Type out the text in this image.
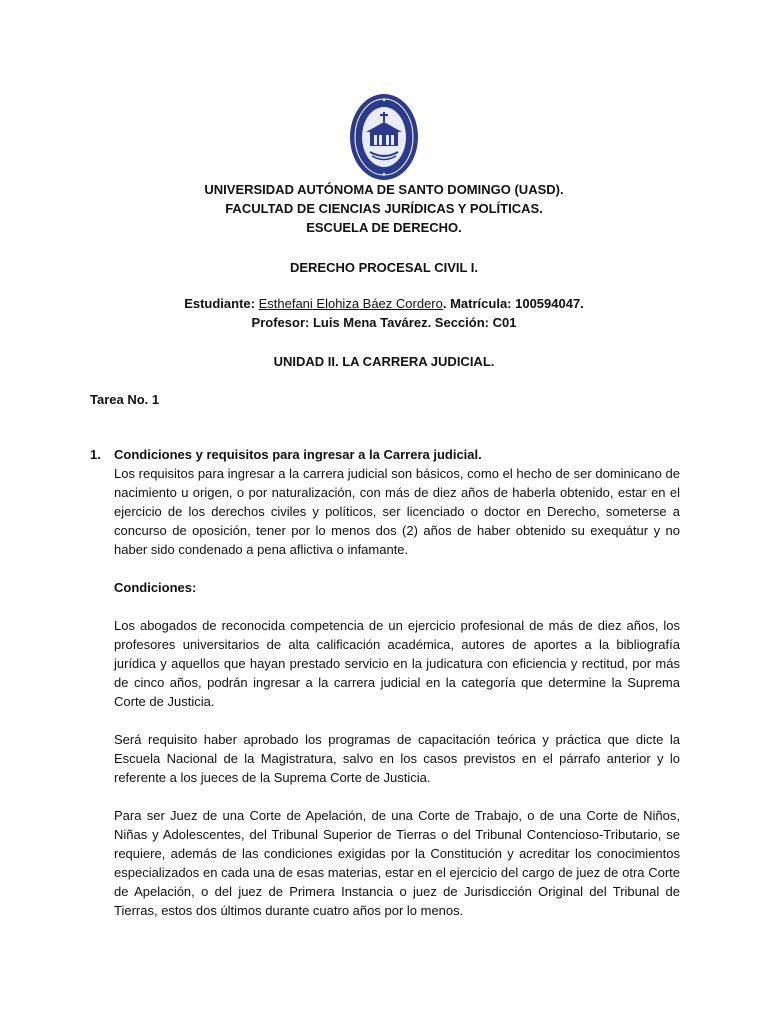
UNIVERSIDAD AUTÓNOMA DE SANTO DOMINGO (UASD).
FACULTAD DE CIENCIAS JURÍDICAS Y POLÍTICAS.
ESCUELA DE DERECHO.
DERECHO PROCESAL CIVIL I.
Estudiante: Esthefani Elohiza Báez Cordero. Matrícula: 100594047.
Profesor: Luis Mena Tavárez. Sección: C01
UNIDAD II. LA CARRERA JUDICIAL.
Tarea No. 1
1.	Condiciones y requisitos para ingresar a la Carrera judicial.

Los requisitos para ingresar a la carrera judicial son básicos, como el hecho de ser dominicano de nacimiento u origen, o por naturalización, con más de diez años de haberla obtenido, estar en el ejercicio de los derechos civiles y políticos, ser licenciado o doctor en Derecho, someterse a concurso de oposición, tener por lo menos dos (2) años de haber obtenido su exequátur y no haber sido condenado a pena aflictiva o infamante.

Condiciones:

Los abogados de reconocida competencia de un ejercicio profesional de más de diez años, los profesores universitarios de alta calificación académica, autores de aportes a la bibliografía jurídica y aquellos que hayan prestado servicio en la judicatura con eficiencia y rectitud, por más de cinco años, podrán ingresar a la carrera judicial en la categoría que determine la Suprema Corte de Justicia.

Será requisito haber aprobado los programas de capacitación teórica y práctica que dicte la Escuela Nacional de la Magistratura, salvo en los casos previstos en el párrafo anterior y lo referente a los jueces de la Suprema Corte de Justicia.

Para ser Juez de una Corte de Apelación, de una Corte de Trabajo, o de una Corte de Niños, Niñas y Adolescentes, del Tribunal Superior de Tierras o del Tribunal Contencioso-Tributario, se requiere, además de las condiciones exigidas por la Constitución y acreditar los conocimientos especializados en cada una de esas materias, estar en el ejercicio del cargo de juez de otra Corte de Apelación, o del juez de Primera Instancia o juez de Jurisdicción Original del Tribunal de Tierras, estos dos últimos durante cuatro años por lo menos.
